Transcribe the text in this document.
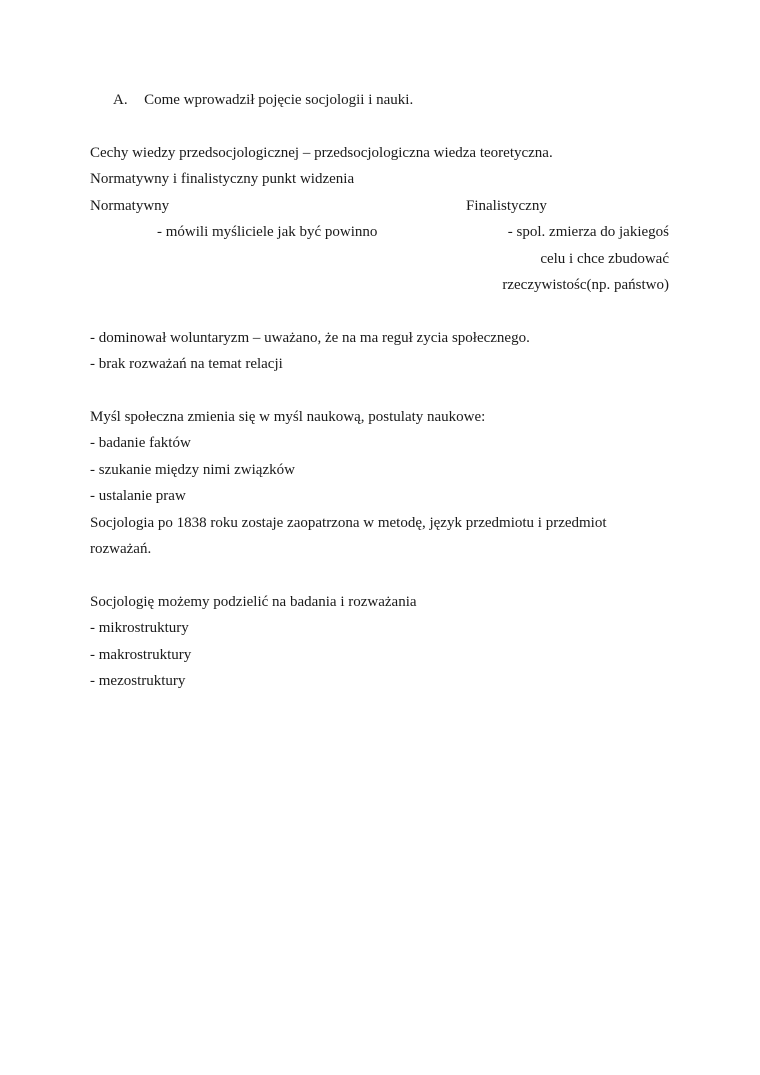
A. Come wprowadził pojęcie socjologii i nauki.
Cechy wiedzy przedsocjologicznej – przedsocjologiczna wiedza teoretyczna.
Normatywny i finalistyczny punkt widzenia
Normatywny	Finalistyczny
- mówili myśliciele jak być powinno	- spol. zmierza do jakiegoś
celu i chce zbudować
rzeczywistośc(np. państwo)
- dominował woluntaryzm – uważano, że na ma reguł zycia społecznego.
- brak rozważań na temat relacji
Myśl społeczna zmienia się w myśl naukową, postulaty naukowe:
- badanie faktów
- szukanie między nimi związków
- ustalanie praw
Socjologia po 1838 roku zostaje zaopatrzona w metodę, język przedmiotu i przedmiot
rozważań.
Socjologię możemy podzielić na badania i rozważania
- mikrostruktury
- makrostruktury
- mezostruktury
